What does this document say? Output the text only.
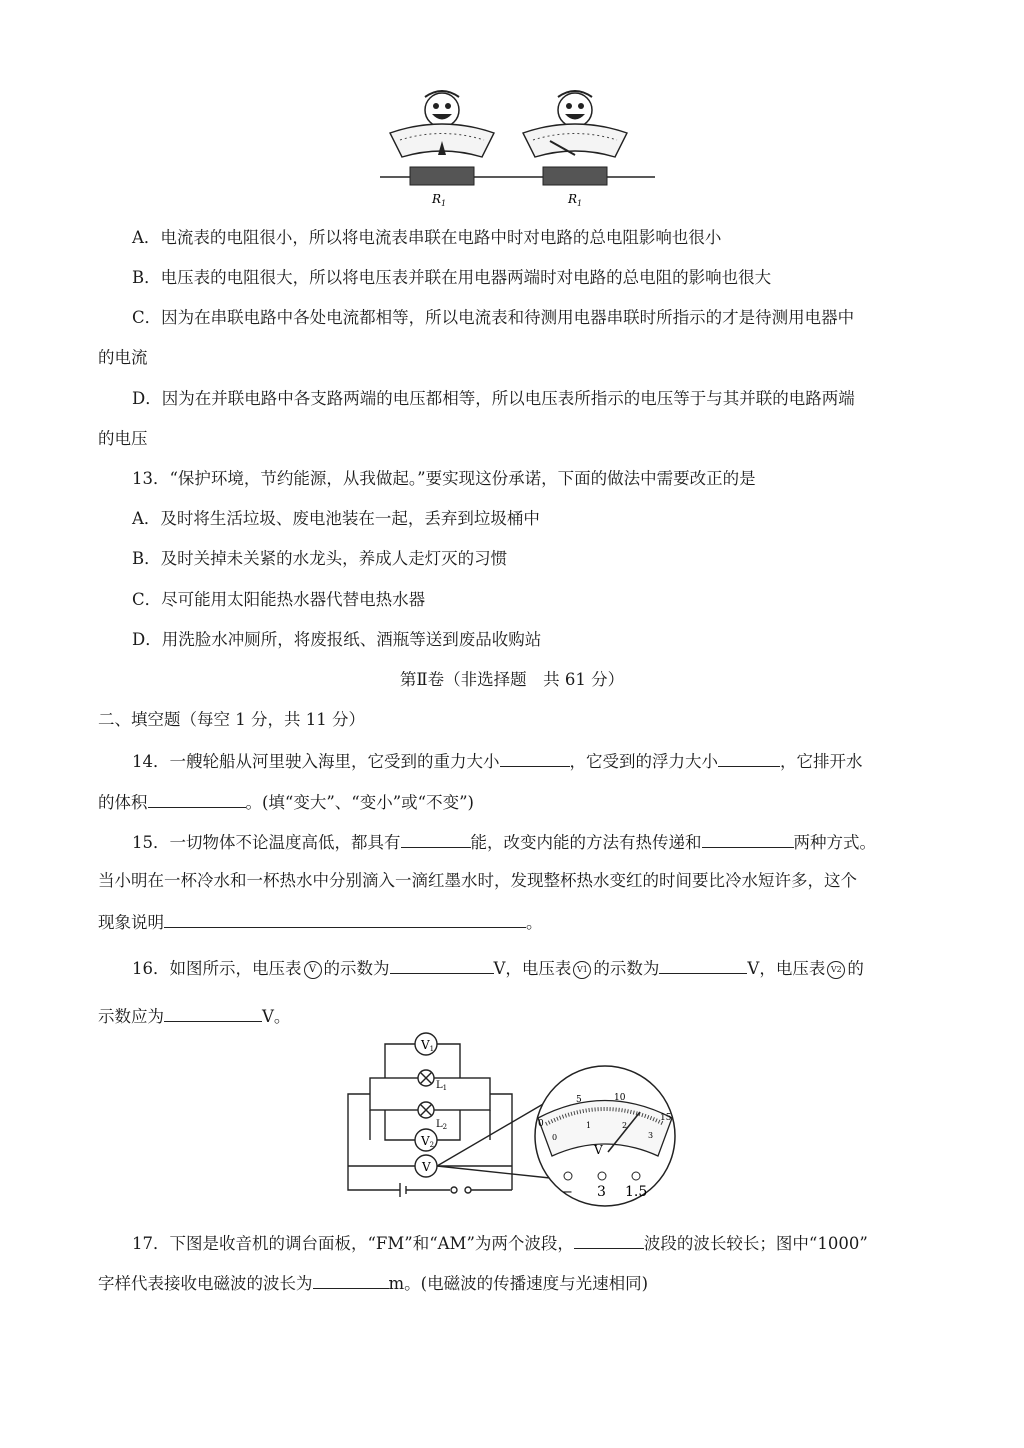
$R_1$	$R_1$
A．电流表的电阻很小，所以将电流表串联在电路中时对电路的总电阻影响也很小
B．电压表的电阻很大，所以将电压表并联在用电器两端时对电路的总电阻的影响也很大
C．因为在串联电路中各处电流都相等，所以电流表和待测用电器串联时所指示的才是待测用电器中
的电流
D．因为在并联电路中各支路两端的电压都相等，所以电压表所指示的电压等于与其并联的电路两端
的电压
13．“保护环境，节约能源，从我做起。”要实现这份承诺，下面的做法中需要改正的是
A．及时将生活垃圾、废电池装在一起，丢弃到垃圾桶中
B．及时关掉未关紧的水龙头，养成人走灯灭的习惯
C．尽可能用太阳能热水器代替电热水器
D．用洗脸水冲厕所，将废报纸、酒瓶等送到废品收购站
第Ⅱ卷（非选择题　共 61 分）
二、填空题（每空 1 分，共 11 分）
14．一艘轮船从河里驶入海里，它受到的重力大小	，它受到的浮力大小	，它排开水
的体积	。(填“变大”、“变小”或“不变”)
15．一切物体不论温度高低，都具有	能，改变内能的方法有热传递和	两种方式。
当小明在一杯冷水和一杯热水中分别滴入一滴红墨水时，发现整杯热水变红的时间要比冷水短许多，这个
现象说明	。
16．如图所示，电压表 V 的示数为	V，电压表 V1 的示数为	V，电压表 V2 的
示数应为	V。
V1
V2
V
$L_1$
$L_2$	0
5	10
15
0
1	2
3
V
− 3 1.5
17．下图是收音机的调台面板，“FM”和“AM”为两个波段，	波段的波长较长；图中“1000”
字样代表接收电磁波的波长为	m。(电磁波的传播速度与光速相同)
